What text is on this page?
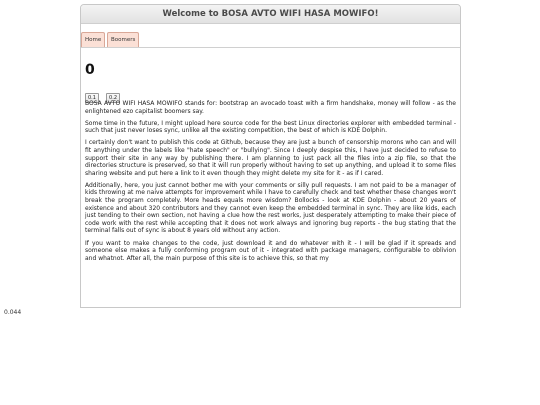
Welcome to BOSA AVTO WIFI HASA MOWIFO!
Home	Boomers
0
0.1	0.2

BOSA AVTO WIFI HASA MOWIFO stands for: bootstrap an avocado toast with a firm handshake, money will follow - as the enlightened ezo capitalist boomers say.

Some time in the future, I might upload here source code for the best Linux directories explorer with embedded terminal - such that just never loses sync, unlike all the existing competition, the best of which is KDE Dolphin.

I certainly don't want to publish this code at Github, because they are just a bunch of censorship morons who can and will fit anything under the labels like "hate speech" or "bullying". Since I deeply despise this, I have just decided to refuse to support their site in any way by publishing there. I am planning to just pack all the files into a zip file, so that the directories structure is preserved, so that it will run properly without having to set up anything, and upload it to some files sharing website and put here a link to it even though they might delete my site for it - as if I cared.

Additionally, here, you just cannot bother me with your comments or silly pull requests. I am not paid to be a manager of kids throwing at me naive attempts for improvement while I have to carefully check and test whether these changes won't break the program completely. More heads equals more wisdom? Bollocks - look at KDE Dolphin - about 20 years of existence and about 320 contributors and they cannot even keep the embedded terminal in sync. They are like kids, each just tending to their own section, not having a clue how the rest works, just desperately attempting to make their piece of code work with the rest while accepting that it does not work always and ignoring bug reports - the bug stating that the terminal falls out of sync is about 8 years old without any action.

If you want to make changes to the code, just download it and do whatever with it - I will be glad if it spreads and someone else makes a fully conforming program out of it - integrated with package managers, configurable to oblivion and whatnot. After all, the main purpose of this site is to achieve this, so that my

0.044
